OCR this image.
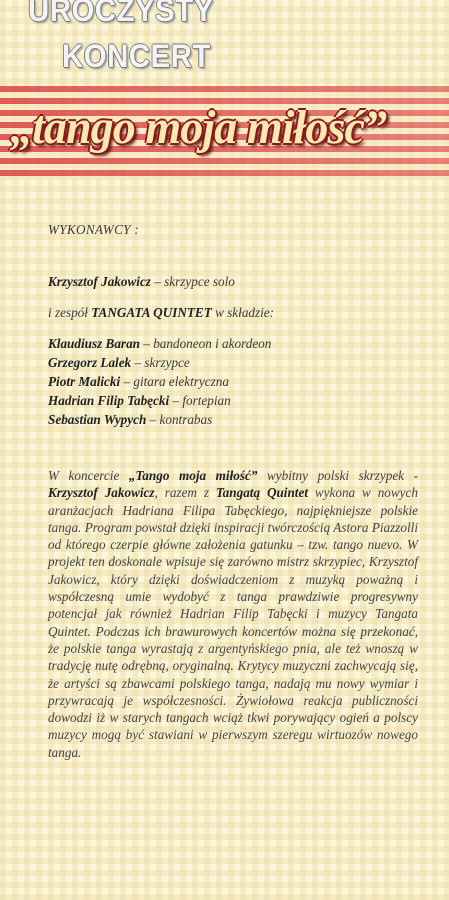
UROCZYSTY
KONCERT
„tango moja miłość”

WYKONAWCY :

Krzysztof Jakowicz – skrzypce solo

i zespół TANGATA QUINTET w składzie:

Klaudiusz Baran – bandoneon i akordeon
Grzegorz Lalek – skrzypce
Piotr Malicki – gitara elektryczna
Hadrian Filip Tabęcki – fortepian
Sebastian Wypych – kontrabas

W koncercie „Tango moja miłość” wybitny polski skrzypek - Krzysztof Jakowicz, razem z Tangatą Quintet wykona w nowych aranżacjach Hadriana Filipa Tabęckiego, najpiękniejsze polskie tanga. Program powstał dzięki inspiracji twórczością Astora Piazzolli od którego czerpie główne założenia gatunku – tzw. tango nuevo. W projekt ten doskonale wpisuje się zarówno mistrz skrzypiec, Krzysztof Jakowicz, który dzięki doświadczeniom z muzyką poważną i współczesną umie wydobyć z tanga prawdziwie progresywny potencjał jak również Hadrian Filip Tabęcki i muzycy Tangata Quintet. Podczas ich brawurowych koncertów można się przekonać, że polskie tanga wyrastają z argentyńskiego pnia, ale też wnoszą w tradycję nutę odrębną, oryginalną. Krytycy muzyczni zachwycają się, że artyści są zbawcami polskiego tanga, nadają mu nowy wymiar i przywracają je współczesności. Żywiołowa reakcja publiczności dowodzi iż w starych tangach wciąż tkwi porywający ogień a polscy muzycy mogą być stawiani w pierwszym szeregu wirtuozów nowego tanga.
